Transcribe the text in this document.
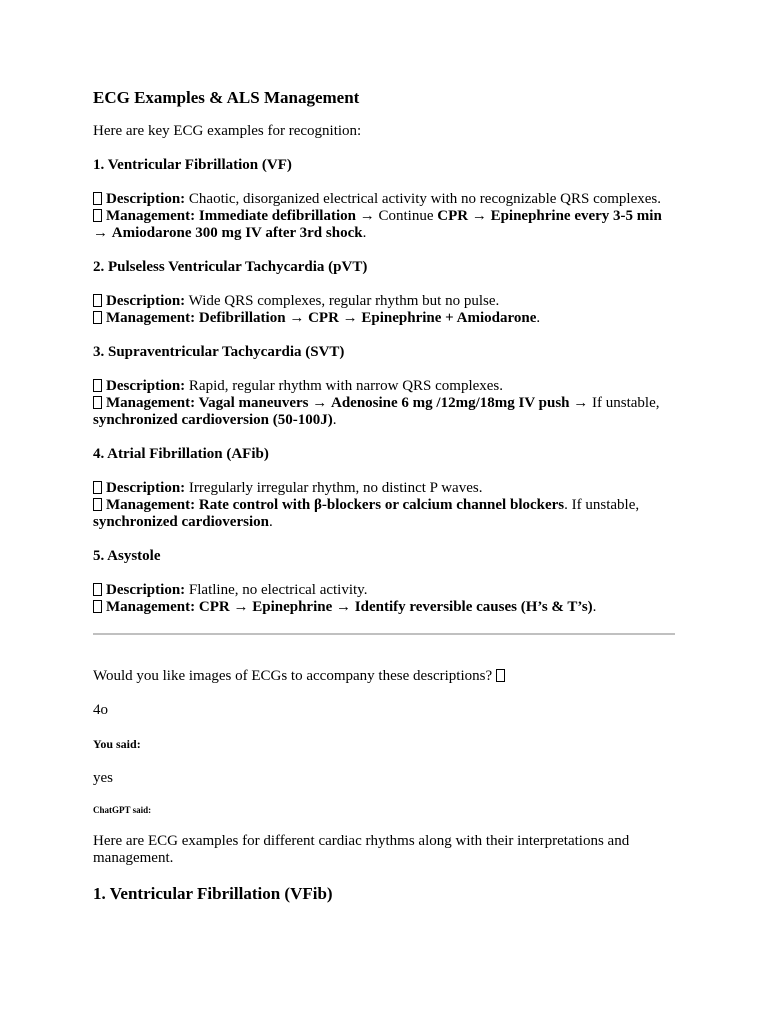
ECG Examples & ALS Management

Here are key ECG examples for recognition:

1. Ventricular Fibrillation (VF)
Description: Chaotic, disorganized electrical activity with no recognizable QRS complexes.
Management: Immediate defibrillation → Continue CPR → Epinephrine every 3-5 min → Amiodarone 300 mg IV after 3rd shock.
2. Pulseless Ventricular Tachycardia (pVT)
Description: Wide QRS complexes, regular rhythm but no pulse.
Management: Defibrillation → CPR → Epinephrine + Amiodarone.
3. Supraventricular Tachycardia (SVT)
Description: Rapid, regular rhythm with narrow QRS complexes.
Management: Vagal maneuvers → Adenosine 6 mg /12mg/18mg IV push → If unstable, synchronized cardioversion (50-100J).
4. Atrial Fibrillation (AFib)
Description: Irregularly irregular rhythm, no distinct P waves.
Management: Rate control with β-blockers or calcium channel blockers. If unstable, synchronized cardioversion.
5. Asystole
Description: Flatline, no electrical activity.
Management: CPR → Epinephrine → Identify reversible causes (H’s & T’s).

Would you like images of ECGs to accompany these descriptions?

4o

You said:

yes

ChatGPT said:

Here are ECG examples for different cardiac rhythms along with their interpretations and management.

1. Ventricular Fibrillation (VFib)
